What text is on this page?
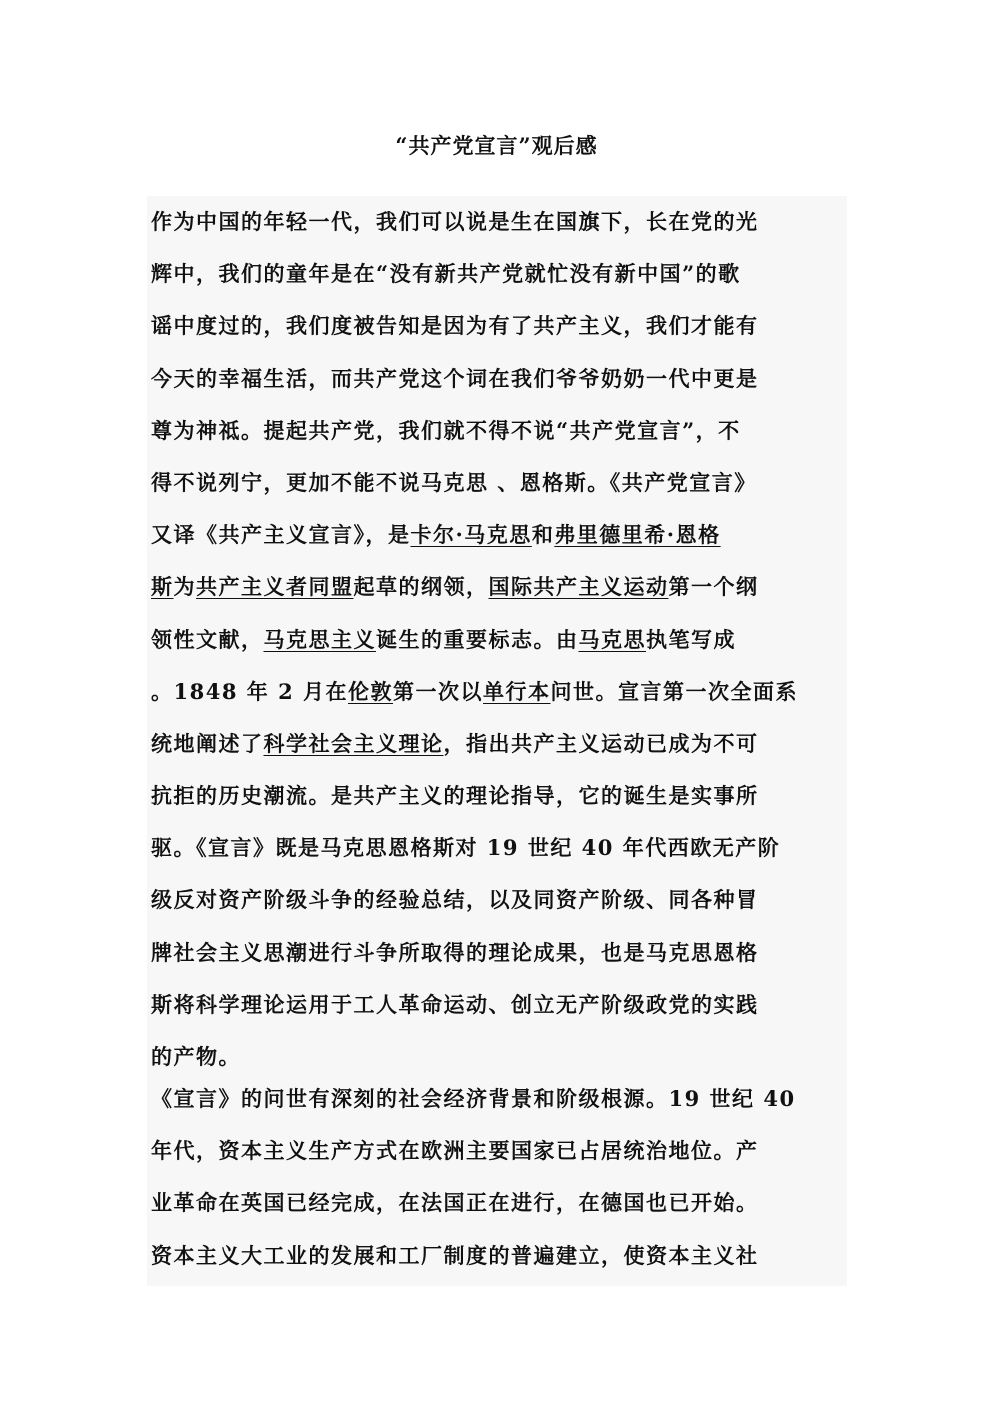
“共产党宣言”观后感
作为中国的年轻一代，我们可以说是生在国旗下，长在党的光
辉中，我们的童年是在“没有新共产党就忙没有新中国”的歌
谣中度过的，我们度被告知是因为有了共产主义，我们才能有
今天的幸福生活，而共产党这个词在我们爷爷奶奶一代中更是
尊为神祗。提起共产党，我们就不得不说“共产党宣言”，不
得不说列宁，更加不能不说马克思 、恩格斯。《共产党宣言》
又译《共产主义宣言》，是卡尔·马克思和弗里德里希·恩格
斯为共产主义者同盟起草的纲领，国际共产主义运动第一个纲
领性文献，马克思主义诞生的重要标志。由马克思执笔写成
。1848 年 2 月在伦敦第一次以单行本问世。宣言第一次全面系
统地阐述了科学社会主义理论，指出共产主义运动已成为不可
抗拒的历史潮流。是共产主义的理论指导，它的诞生是实事所
驱。《宣言》既是马克思恩格斯对 19 世纪 40 年代西欧无产阶
级反对资产阶级斗争的经验总结，以及同资产阶级、同各种冒
牌社会主义思潮进行斗争所取得的理论成果，也是马克思恩格
斯将科学理论运用于工人革命运动、创立无产阶级政党的实践
的产物。
《宣言》的问世有深刻的社会经济背景和阶级根源。19 世纪 40
年代，资本主义生产方式在欧洲主要国家已占居统治地位。产
业革命在英国已经完成，在法国正在进行，在德国也已开始。
资本主义大工业的发展和工厂制度的普遍建立，使资本主义社
